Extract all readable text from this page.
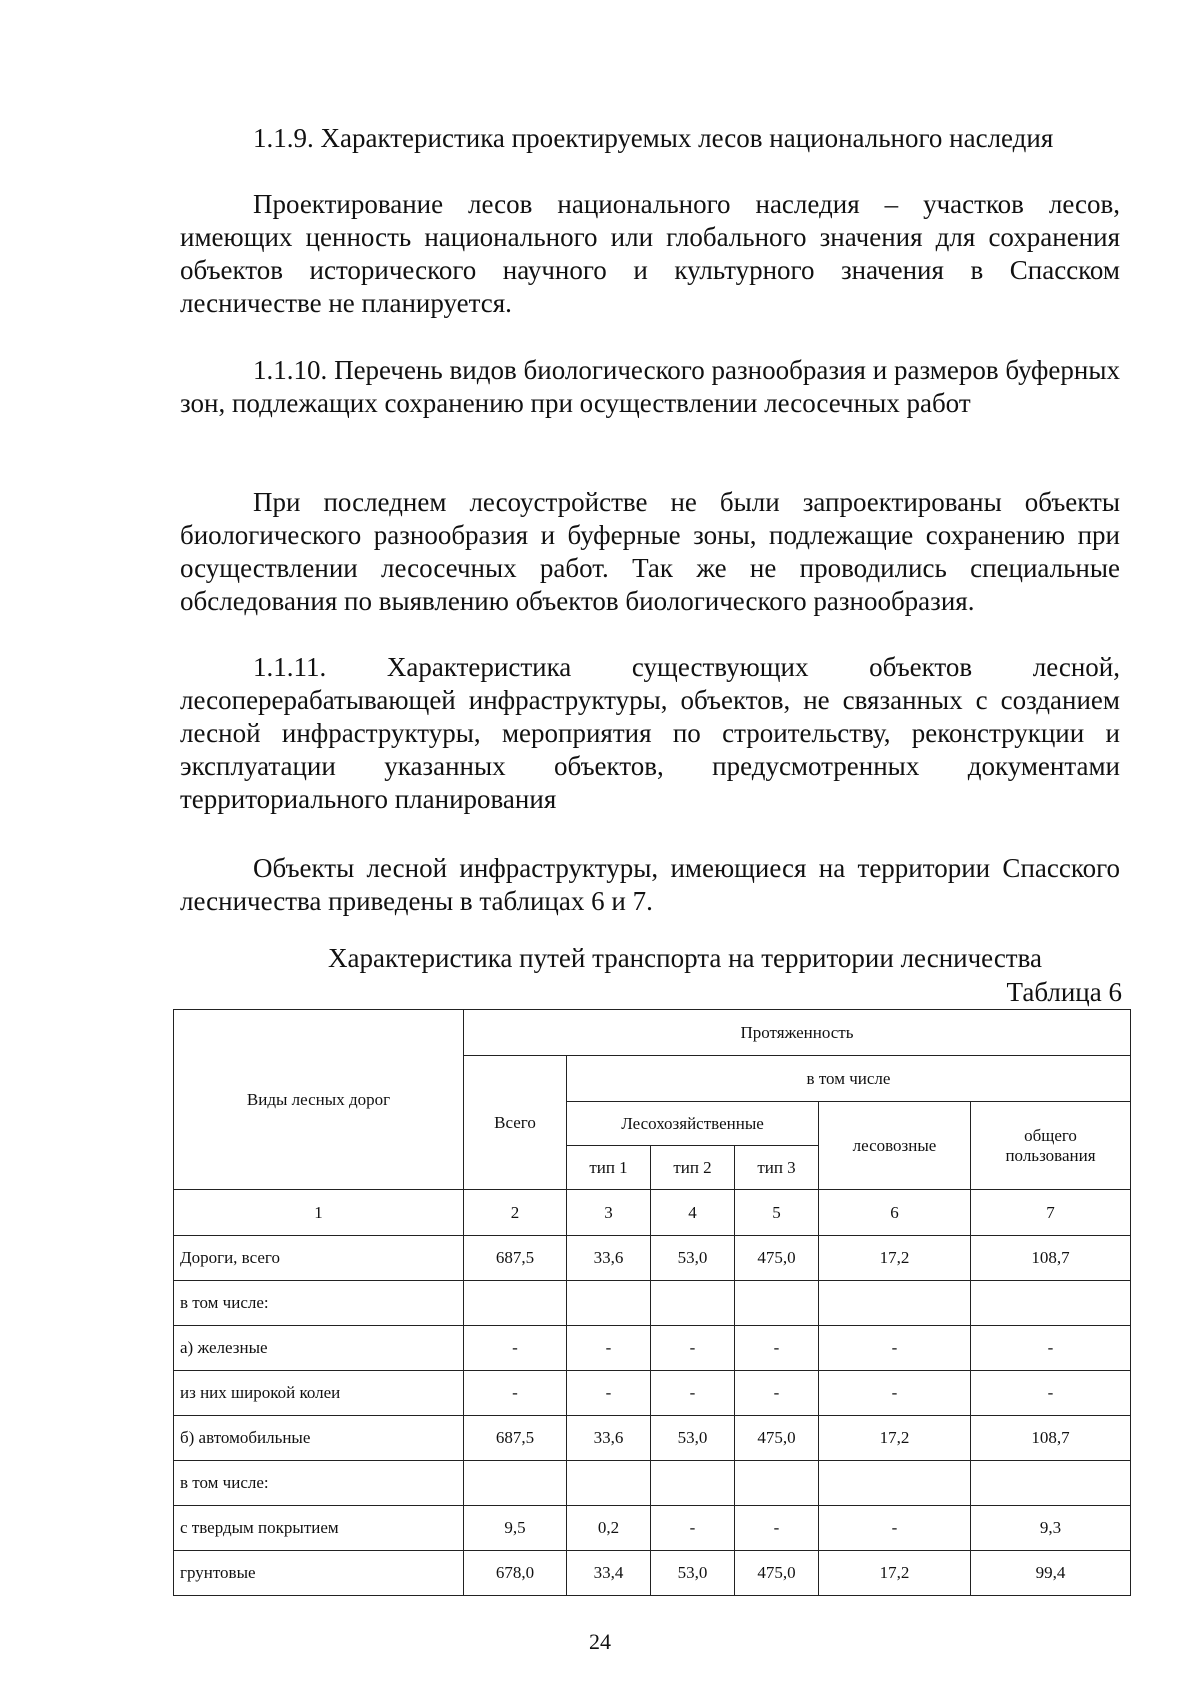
1.1.9. Характеристика проектируемых лесов национального наследия
Проектирование лесов национального наследия – участков лесов, имеющих ценность национального или глобального значения для сохранения объектов исторического научного и культурного значения в Спасском лесничестве не планируется.
1.1.10. Перечень видов биологического разнообразия и размеров буферных зон, подлежащих сохранению при осуществлении лесосечных работ
При последнем лесоустройстве не были запроектированы объекты биологического разнообразия и буферные зоны, подлежащие сохранению при осуществлении лесосечных работ. Так же не проводились специальные обследования по выявлению объектов биологического разнообразия.
1.1.11. Характеристика существующих объектов лесной, лесоперерабатывающей инфраструктуры, объектов, не связанных с созданием лесной инфраструктуры, мероприятия по строительству, реконструкции и эксплуатации указанных объектов, предусмотренных документами территориального планирования
Объекты лесной инфраструктуры, имеющиеся на территории Спасского лесничества приведены в таблицах 6 и 7.
Характеристика путей транспорта на территории лесничества
Таблица 6
Виды лесных дорог	Протяженность					
	Всего	в том числе				
		Лесохозяйственные			лесовозные	общего пользования
		тип 1	тип 2	тип 3		
1	2	3	4	5	6	7
Дороги, всего	687,5	33,6	53,0	475,0	17,2	108,7
в том числе:						
а) железные	-	-	-	-	-	-
из них широкой колеи	-	-	-	-	-	-
б) автомобильные	687,5	33,6	53,0	475,0	17,2	108,7
в том числе:						
с твердым покрытием	9,5	0,2	-	-	-	9,3
грунтовые	678,0	33,4	53,0	475,0	17,2	99,4
24
